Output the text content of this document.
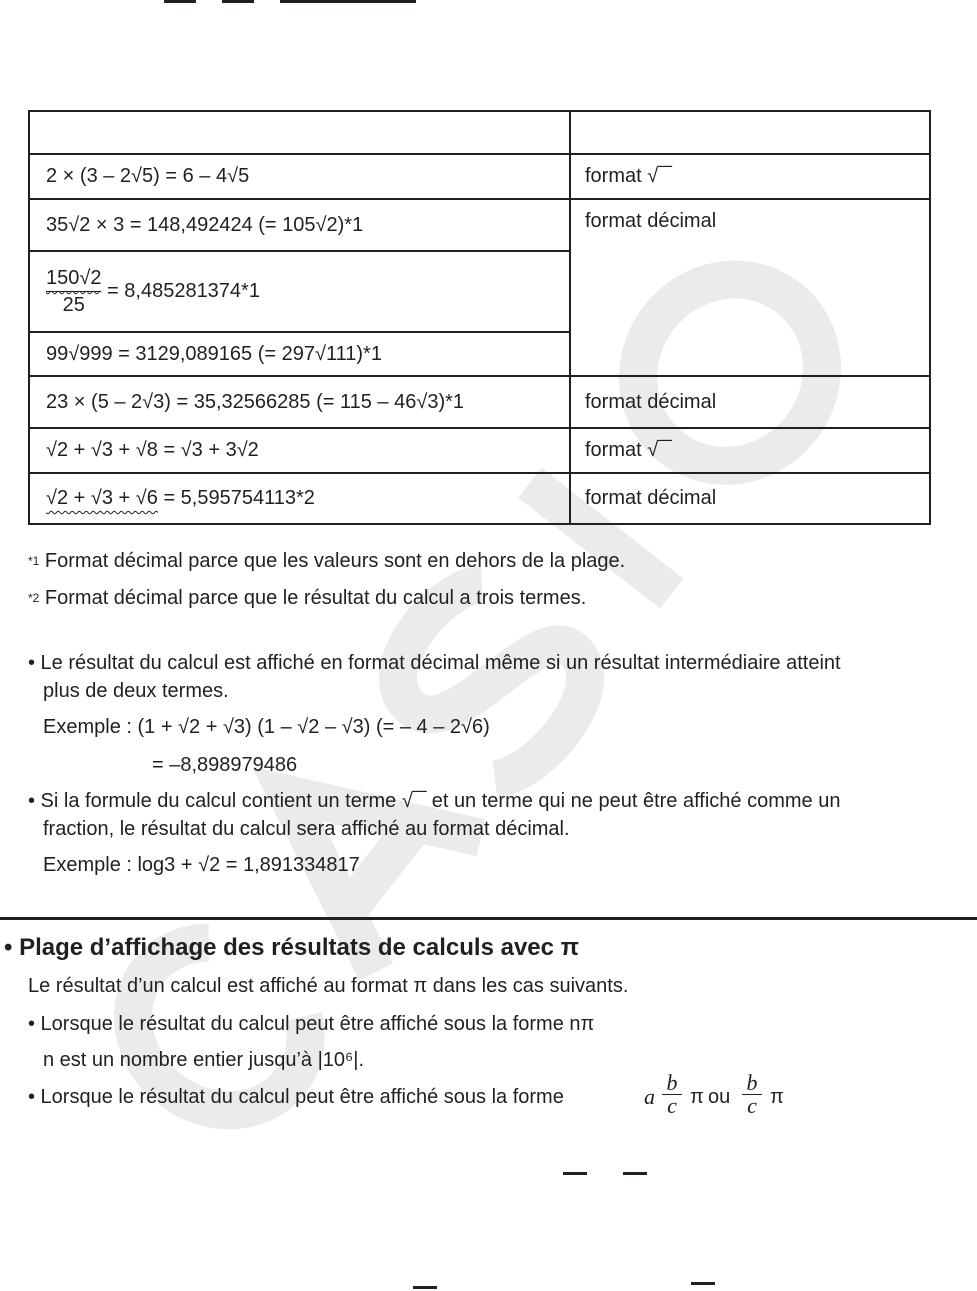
2 × (3 – 2√5) = 6 – 4√5	format √‾‾
35√2 × 3 = 148,492424 (= 105√2)*1	format décimal

$\frac{150√2}{25} = 8,485281374*1$	
99√999 = 3129,089165 (= 297√111)*1	
23 × (5 – 2√3) = 35,32566285 (= 115 – 46√3)*1	format décimal
√2 + √3 + √8 = √3 + 3√2	format √‾‾
√2 + √3 + √6 = 5,595754113*2	format décimal
$^{*1}$ Format décimal parce que les valeurs sont en dehors de la plage.
$^{*2}$ Format décimal parce que le résultat du calcul a trois termes.
• Le résultat du calcul est affiché en format décimal même si un résultat intermédiaire atteint
plus de deux termes.
Exemple : (1 + √2 + √3) (1 – √2 – √3) (= – 4 – 2√6)
= –8,898979486
• Si la formule du calcul contient un terme √‾‾ et un terme qui ne peut être affiché comme un
fraction, le résultat du calcul sera affiché au format décimal.
Exemple : log3 + √2 = 1,891334817
• Plage d’affichage des résultats de calculs avec π
Le résultat d’un calcul est affiché au format π dans les cas suivants.
• Lorsque le résultat du calcul peut être affiché sous la forme nπ
n est un nombre entier jusqu’à |10⁶|.
• Lorsque le résultat du calcul peut être affiché sous la forme	a $\frac{b}{c}$ π ou $\frac{b}{c}$ π
